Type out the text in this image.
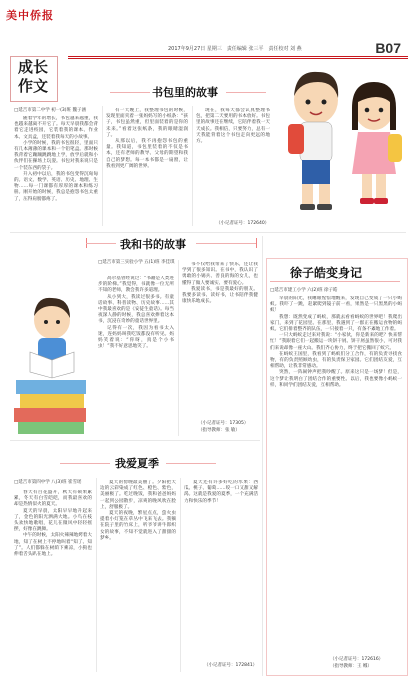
美中侨报
2017年9月27日 星期三　责任编辑 张三平　责任校对 刘 燕	B07
成长
作文	书包里的故事
□延吉市第二中学 初一(3)班 魏子涵

随着学年的增长，书包越来越重，我也越来越离不开它了。每天早晨我都会背着它走进校园，它装着我的课本、作业本、文具盒，还装着我每天的小故事。

小学的时候，我的书包很轻，里面只有几本薄薄的课本和一个铅笔盒。那时候我背着它蹦蹦跳跳地上学，放学后就和小伙伴们在操场上玩耍。书包对我来说只是一个装东西的袋子。

升入初中以后，我的书包变得沉甸甸的。语文、数学、英语、历史、地理、生物……每一门课都有厚厚的课本和练习册。刚开始的时候，我总是抱怨书包太重了，压得肩膀都疼了。

有一天晚上，我整理书包的时候，发现里面夹着一张妈妈写的小纸条：“孩子，书包虽然重，但里面装着的是你的未来。”看着这张纸条，我的眼睛湿润了。

从那以后，我不再抱怨书包的重量。我知道，书包里装着的不仅是书本，还有老师的教导、父母的期望和我自己的梦想。每一本书都是一扇窗，让我看到更广阔的世界。

现在，我每天都会认真整理书包，把第二天要用的书本放好。书包里的故事还在继续，它陪伴着我一天天成长。我相信，只要努力，总有一天我能背着这个书包走向更远的地方。

（小记者证号：172640）
我和书的故事
□延吉市第三实验小学 五(1)班 李佳琪

高尔基曾经说过：“书籍是人类进步的阶梯。”我觉得，书就像一位无所不知的老师，教会我许多道理。

从小到大，我读过很多书。有童话故事、科普读物、历史故事……其中我最喜欢的是《安徒生童话》。每当夜深人静的时候，我总喜欢捧着这本书，沉浸在奇妙的童话世界里。

记得有一次，我因为看书太入迷，连妈妈叫我吃饭都没有听见。妈妈笑着说：“你呀，真是个小书虫！”我不好意思地笑了。

书不仅给我带来了快乐，还让我学到了很多知识。在书中，我认识了勇敢的小锡兵、善良的海的女儿，也懂得了做人要诚实、要有爱心。

我爱读书，书是我最好的朋友。我要多读书、读好书，让书陪伴我健康快乐地成长。

（小记者证号：17305）
（指导教师：张 敏）
我爱夏季
□延吉市第四中学 八(3)班 崔雪瑶

春天有百花盛开，秋天有硕果累累，冬天有白雪皑皑，而我最喜欢的却是热情似火的夏天。

夏天的早晨，太阳早早地升起来了，金色的阳光洒满大地。小鸟在枝头欢快地歌唱，花儿在微风中轻轻摇摆，好像在跳舞。

中午的时候，太阳火辣辣地烤着大地，知了在树上不停地叫着“知了、知了”。人们都躲在树荫下乘凉，小狗也伸着舌头趴在地上。

夏天的傍晚最美丽了。夕阳把天边的云彩染成了红色、橙色、紫色，美丽极了。吃过晚饭，我和爸爸妈妈一起到公园散步，凉爽的晚风吹在脸上，舒服极了。

夏天的夜晚，繁星点点，萤火虫提着小灯笼在草丛中飞来飞去。我躺在院子里的竹床上，听爷爷讲牛郎织女的故事，不知不觉就进入了甜甜的梦乡。

夏天还有许多好吃的水果：西瓜、桃子、葡萄……咬一口又甜又解渴。这就是我爱的夏季，一个充满活力和快乐的季节！

（小记者证号：172841）
徐子皓变身记
□延吉市建工小学 六(2)班 徐子皓

早晨的阳光，我睡眼惺忪地醒来，发现自己变成了一只小蚂蚁。我吓了一跳，赶紧爬到镜子前一看，果然是一只黑黑的小蚂蚁！

我想：既然变成了蚂蚁，那就去看看蚂蚁的世界吧！我爬出家门，来到了花园里。在那里，我遇到了一群正在搬运食物的蚂蚁。它们排着整齐的队伍，一只接着一只，有条不紊地工作着。

一只大蚂蚁走过来对我说：“小家伙，你是新来的吧？快来帮忙！”我跟着它们一起搬运一块饼干屑。饼干屑虽然很小，可对我们来说却像一座大山。我们齐心协力，终于把它搬回了蚁穴。

在蚂蚁王国里，我看到了蚂蚁们分工合作，有的负责寻找食物，有的负责照顾幼虫，有的负责保卫家园。它们团结友爱，互相帮助，让我非常感动。

突然，一阵闹钟声把我吵醒了。原来这只是一场梦！但是，这个梦让我明白了团结合作的重要性。以后，我也要像小蚂蚁一样，和同学们团结友爱，互相帮助。

（小记者证号：172616）
（指导教师：王 娜）
